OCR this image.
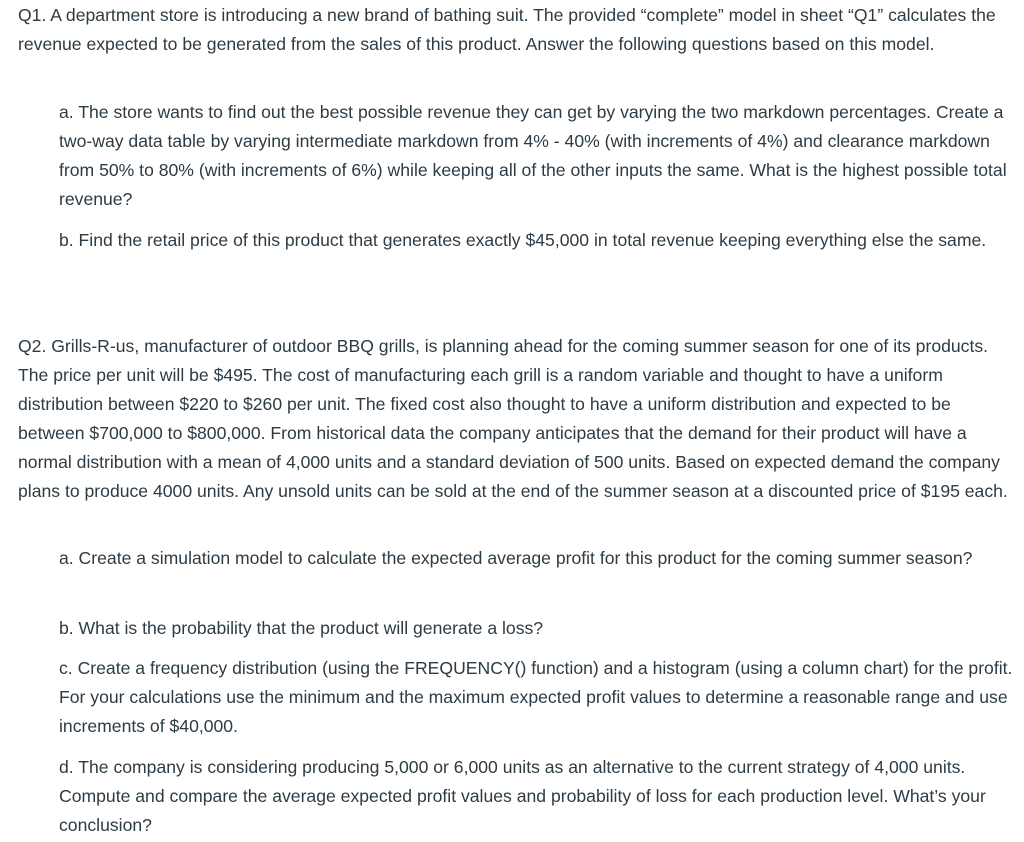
Q1. A department store is introducing a new brand of bathing suit. The provided “complete” model in sheet “Q1” calculates the revenue expected to be generated from the sales of this product. Answer the following questions based on this model.

a. The store wants to find out the best possible revenue they can get by varying the two markdown percentages. Create a two-way data table by varying intermediate markdown from 4% - 40% (with increments of 4%) and clearance markdown from 50% to 80% (with increments of 6%) while keeping all of the other inputs the same. What is the highest possible total revenue?

b. Find the retail price of this product that generates exactly $45,000 in total revenue keeping everything else the same.

Q2. Grills-R-us, manufacturer of outdoor BBQ grills, is planning ahead for the coming summer season for one of its products. The price per unit will be $495. The cost of manufacturing each grill is a random variable and thought to have a uniform distribution between $220 to $260 per unit. The fixed cost also thought to have a uniform distribution and expected to be between $700,000 to $800,000. From historical data the company anticipates that the demand for their product will have a normal distribution with a mean of 4,000 units and a standard deviation of 500 units. Based on expected demand the company plans to produce 4000 units. Any unsold units can be sold at the end of the summer season at a discounted price of $195 each.

a. Create a simulation model to calculate the expected average profit for this product for the coming summer season?

b. What is the probability that the product will generate a loss?

c. Create a frequency distribution (using the FREQUENCY() function) and a histogram (using a column chart) for the profit. For your calculations use the minimum and the maximum expected profit values to determine a reasonable range and use increments of $40,000.

d. The company is considering producing 5,000 or 6,000 units as an alternative to the current strategy of 4,000 units. Compute and compare the average expected profit values and probability of loss for each production level. What’s your conclusion?
